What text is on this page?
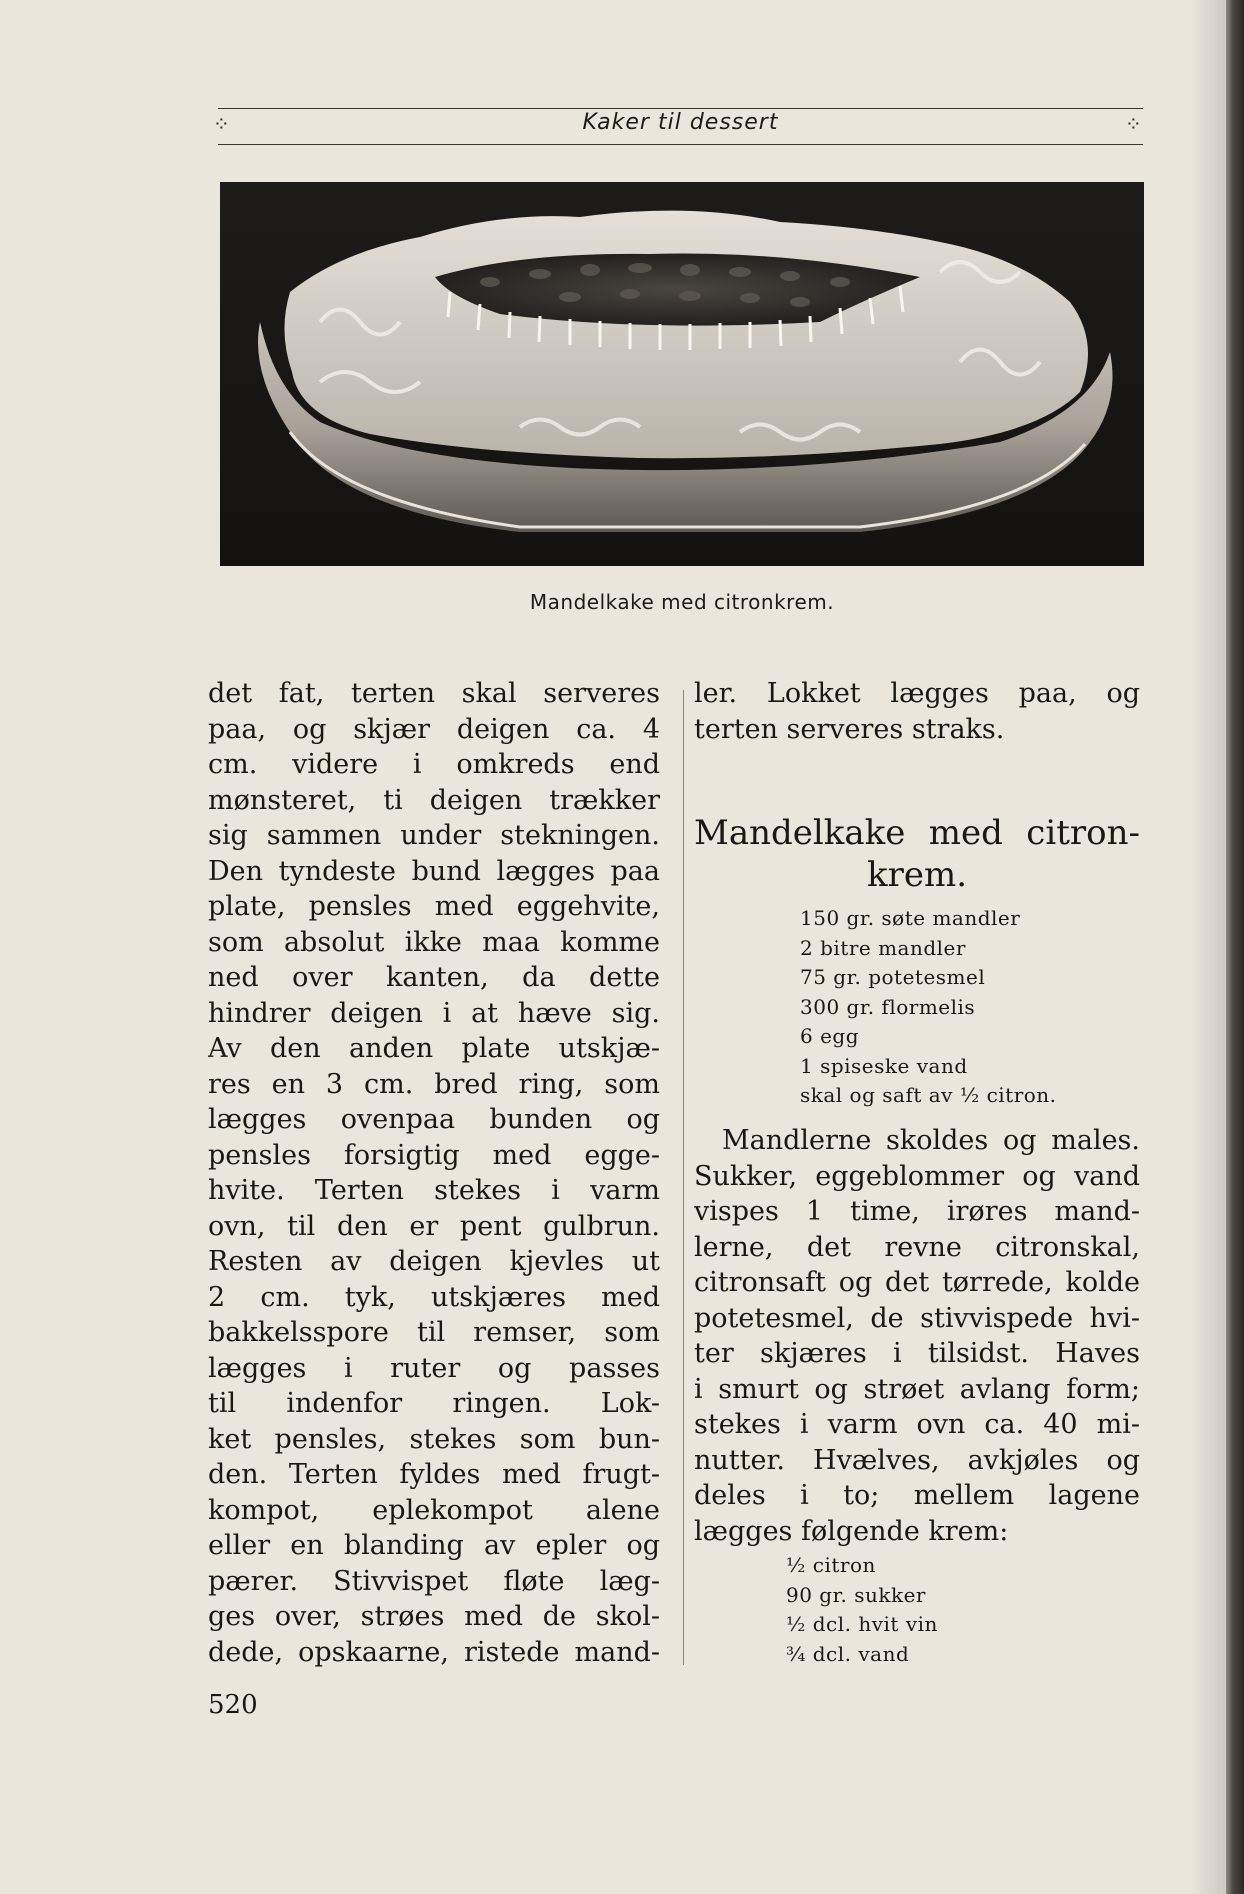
⁘	Kaker til dessert	⁘
Mandelkake med citronkrem.
det fat, terten skal serveres
paa, og skjær deigen ca. 4
cm. videre i omkreds end
mønsteret, ti deigen trækker
sig sammen under stekningen.
Den tyndeste bund lægges paa
plate, pensles med eggehvite,
som absolut ikke maa komme
ned over kanten, da dette
hindrer deigen i at hæve sig.
Av den anden plate utskjæ-
res en 3 cm. bred ring, som
lægges ovenpaa bunden og
pensles forsigtig med egge-
hvite. Terten stekes i varm
ovn, til den er pent gulbrun.
Resten av deigen kjevles ut
2 cm. tyk, utskjæres med
bakkelsspore til remser, som
lægges i ruter og passes
til indenfor ringen. Lok-
ket pensles, stekes som bun-
den. Terten fyldes med frugt-
kompot, eplekompot alene
eller en blanding av epler og
pærer. Stivvispet fløte læg-
ges over, strøes med de skol-
dede, opskaarne, ristede mand-
ler. Lokket lægges paa, og
terten serveres straks.
Mandelkake med citron-
krem.
150 gr. søte mandler
2 bitre mandler
75 gr. potetesmel
300 gr. flormelis
6 egg
1 spiseske vand
skal og saft av ½ citron.
Mandlerne skoldes og males.
Sukker, eggeblommer og vand
vispes 1 time, irøres mand-
lerne, det revne citronskal,
citronsaft og det tørrede, kolde
potetesmel, de stivvispede hvi-
ter skjæres i tilsidst. Haves
i smurt og strøet avlang form;
stekes i varm ovn ca. 40 mi-
nutter. Hvælves, avkjøles og
deles i to; mellem lagene
lægges følgende krem:
½ citron
90 gr. sukker
½ dcl. hvit vin
¾ dcl. vand
520
